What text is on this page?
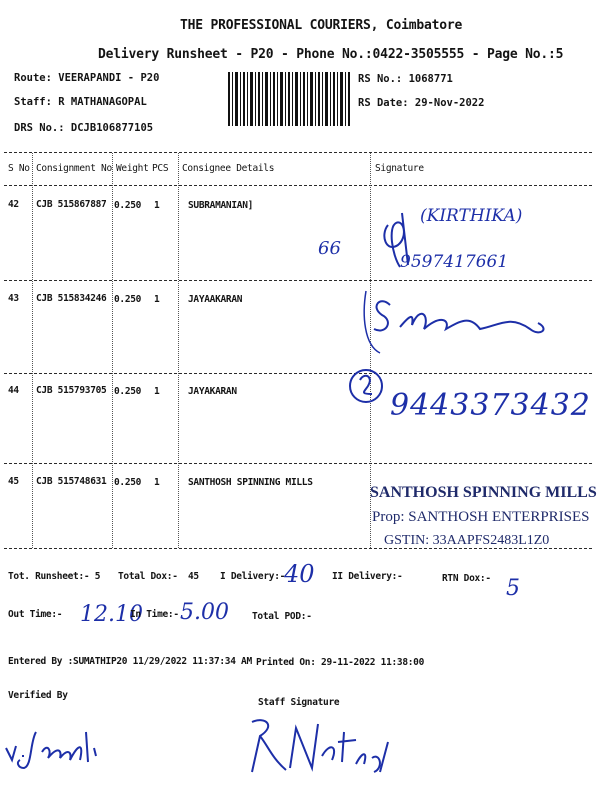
THE PROFESSIONAL COURIERS, Coimbatore
Delivery Runsheet - P20 - Phone No.:0422-3505555 - Page No.:5
Route: VEERAPANDI - P20
Staff: R MATHANAGOPAL
DRS No.: DCJB106877105
RS No.: 1068771
RS Date: 29-Nov-2022
S No Consignment No Weight PCS Consignee Details	Signature
42 CJB 515867887 0.250 1	SUBRAMANIAN]
43 CJB 515834246 0.250 1	JAYAAKARAN
44 CJB 515793705 0.250 1	JAYAKARAN
45 CJB 515748631 0.250 1	SANTHOSH SPINNING MILLS
66
(KIRTHIKA)
9597417661
9443373432
SANTHOSH SPINNING MILLS
Prop: SANTHOSH ENTERPRISES
GSTIN: 33AAPFS2483L1Z0
Tot. Runsheet:- 5 Total Dox:- 45 I Delivery:-
40 II Delivery:-	RTN Dox:- 5
Out Time:- 12.10
In Time:- 5.00 Total POD:-
Entered By :SUMATHIP20 11/29/2022 11:37:34 AM Printed On: 29-11-2022 11:38:00
Verified By
Staff Signature
